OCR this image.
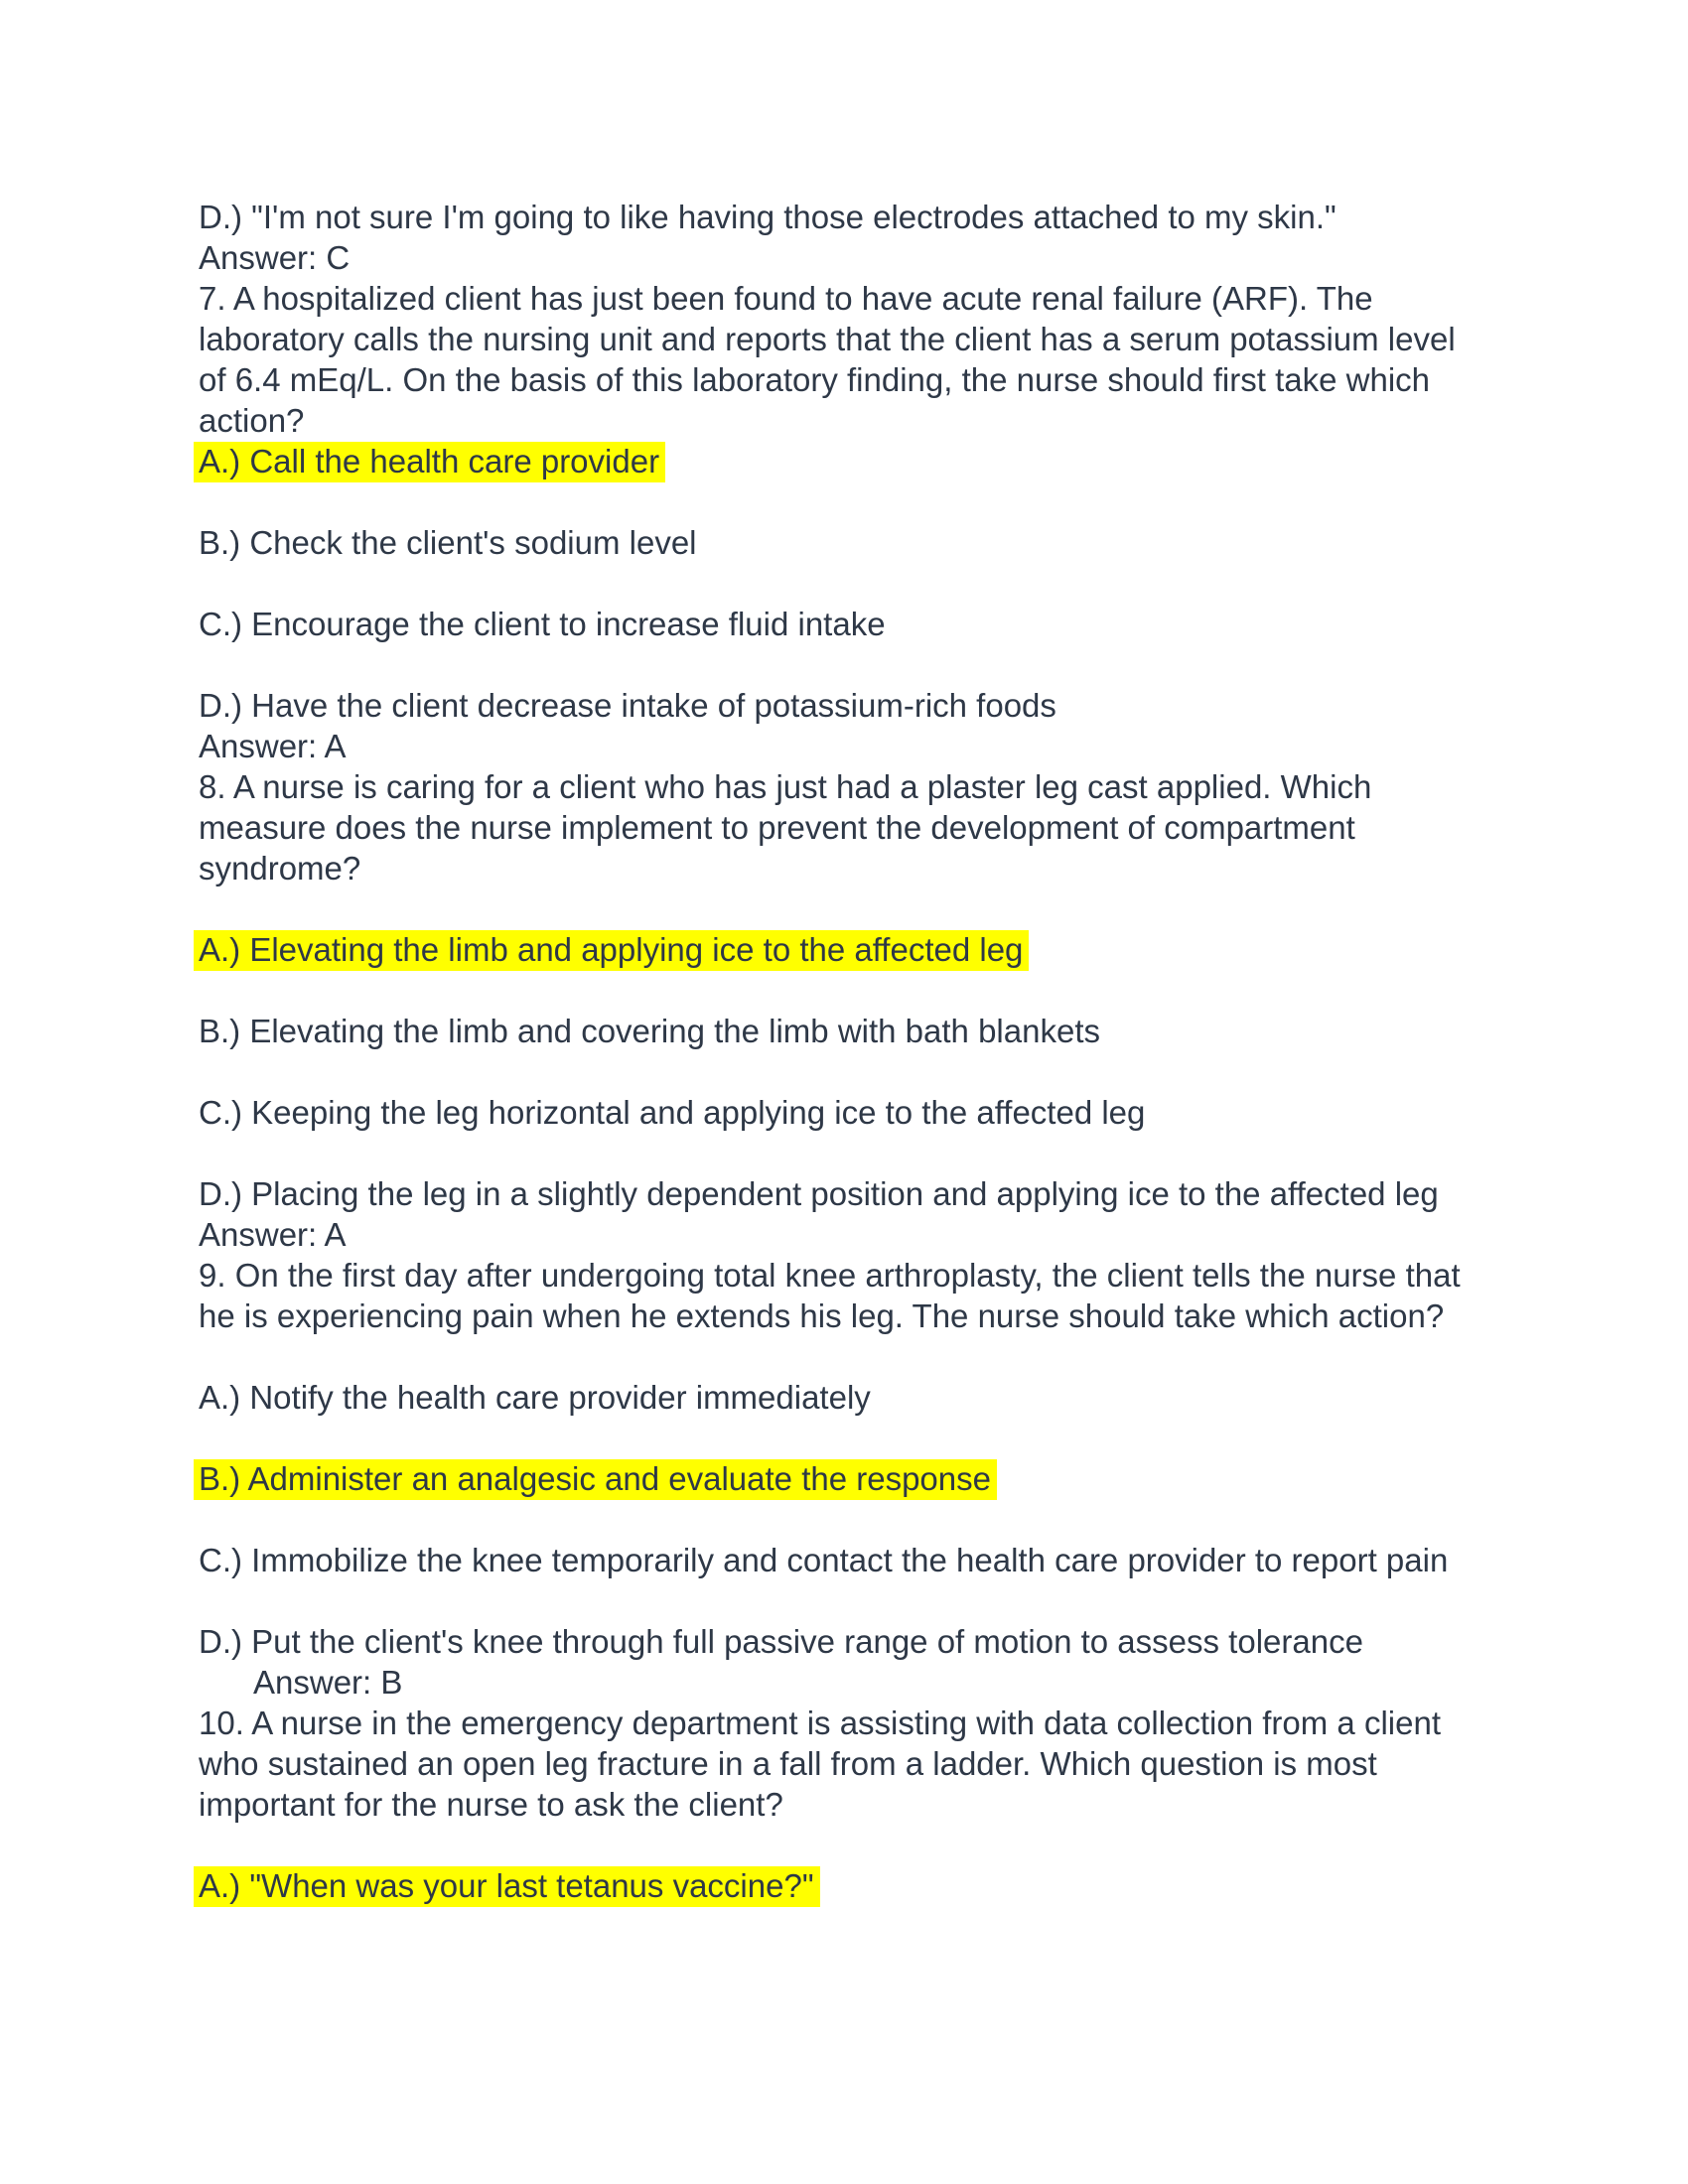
D.) "I'm not sure I'm going to like having those electrodes attached to my skin."
Answer: C
7. A hospitalized client has just been found to have acute renal failure (ARF). The
laboratory calls the nursing unit and reports that the client has a serum potassium level
of 6.4 mEq/L. On the basis of this laboratory finding, the nurse should first take which
action?
A.) Call the health care provider
B.) Check the client's sodium level
C.) Encourage the client to increase fluid intake
D.) Have the client decrease intake of potassium-rich foods
Answer: A
8. A nurse is caring for a client who has just had a plaster leg cast applied. Which
measure does the nurse implement to prevent the development of compartment
syndrome?
A.) Elevating the limb and applying ice to the affected leg
B.) Elevating the limb and covering the limb with bath blankets
C.) Keeping the leg horizontal and applying ice to the affected leg
D.) Placing the leg in a slightly dependent position and applying ice to the affected leg
Answer: A
9. On the first day after undergoing total knee arthroplasty, the client tells the nurse that
he is experiencing pain when he extends his leg. The nurse should take which action?
A.) Notify the health care provider immediately
B.) Administer an analgesic and evaluate the response
C.) Immobilize the knee temporarily and contact the health care provider to report pain
D.) Put the client's knee through full passive range of motion to assess tolerance
Answer: B
10. A nurse in the emergency department is assisting with data collection from a client
who sustained an open leg fracture in a fall from a ladder. Which question is most
important for the nurse to ask the client?
A.) "When was your last tetanus vaccine?"
